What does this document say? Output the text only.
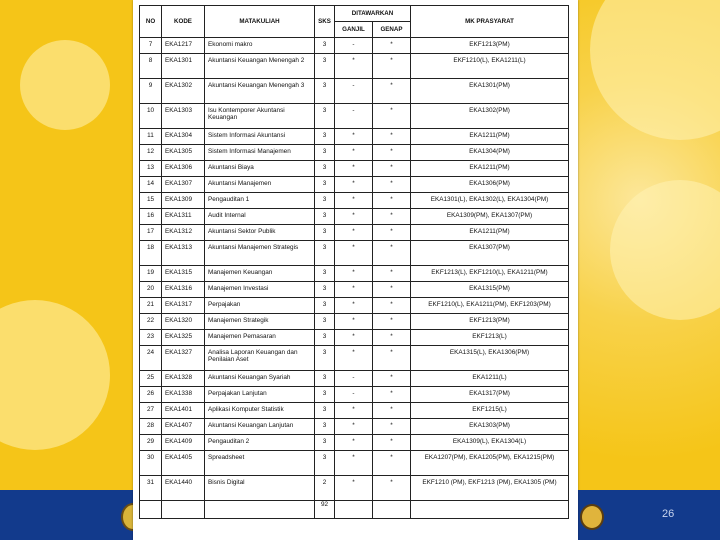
26
NO	KODE	MATAKULIAH	SKS	DITAWARKAN		MK PRASYARAT
				GANJIL	GENAP	
7	EKA1217	Ekonomi makro	3	-	*	EKF1213(PM)
8	EKA1301	Akuntansi Keuangan Menengah 2	3	*	*	EKF1210(L), EKA1211(L)
9	EKA1302	Akuntansi Keuangan Menengah 3	3	-	*	EKA1301(PM)
10	EKA1303	Isu Kontemporer Akuntansi Keuangan	3	-	*	EKA1302(PM)
11	EKA1304	Sistem Informasi Akuntansi	3	*	*	EKA1211(PM)
12	EKA1305	Sistem Informasi Manajemen	3	*	*	EKA1304(PM)
13	EKA1306	Akuntansi Biaya	3	*	*	EKA1211(PM)
14	EKA1307	Akuntansi Manajemen	3	*	*	EKA1306(PM)
15	EKA1309	Pengauditan 1	3	*	*	EKA1301(L), EKA1302(L), EKA1304(PM)
16	EKA1311	Audit Internal	3	*	*	EKA1309(PM), EKA1307(PM)
17	EKA1312	Akuntansi Sektor Publik	3	*	*	EKA1211(PM)
18	EKA1313	Akuntansi Manajemen Strategis	3	*	*	EKA1307(PM)
19	EKA1315	Manajemen Keuangan	3	*	*	EKF1213(L), EKF1210(L), EKA1211(PM)
20	EKA1316	Manajemen Investasi	3	*	*	EKA1315(PM)
21	EKA1317	Perpajakan	3	*	*	EKF1210(L), EKA1211(PM), EKF1203(PM)
22	EKA1320	Manajemen Strategik	3	*	*	EKF1213(PM)
23	EKA1325	Manajemen Pemasaran	3	*	*	EKF1213(L)
24	EKA1327	Analisa Laporan Keuangan dan Penilaian Aset	3	*	*	EKA1315(L), EKA1306(PM)
25	EKA1328	Akuntansi Keuangan Syariah	3	-	*	EKA1211(L)
26	EKA1338	Perpajakan Lanjutan	3	-	*	EKA1317(PM)
27	EKA1401	Aplikasi Komputer Statistik	3	*	*	EKF1215(L)
28	EKA1407	Akuntansi Keuangan Lanjutan	3	*	*	EKA1303(PM)
29	EKA1409	Pengauditan 2	3	*	*	EKA1309(L), EKA1304(L)
30	EKA1405	Spreadsheet	3	*	*	EKA1207(PM), EKA1205(PM), EKA1215(PM)
31	EKA1440	Bisnis Digital	2	*	*	EKF1210 (PM), EKF1213 (PM), EKA1305 (PM)
			92			
